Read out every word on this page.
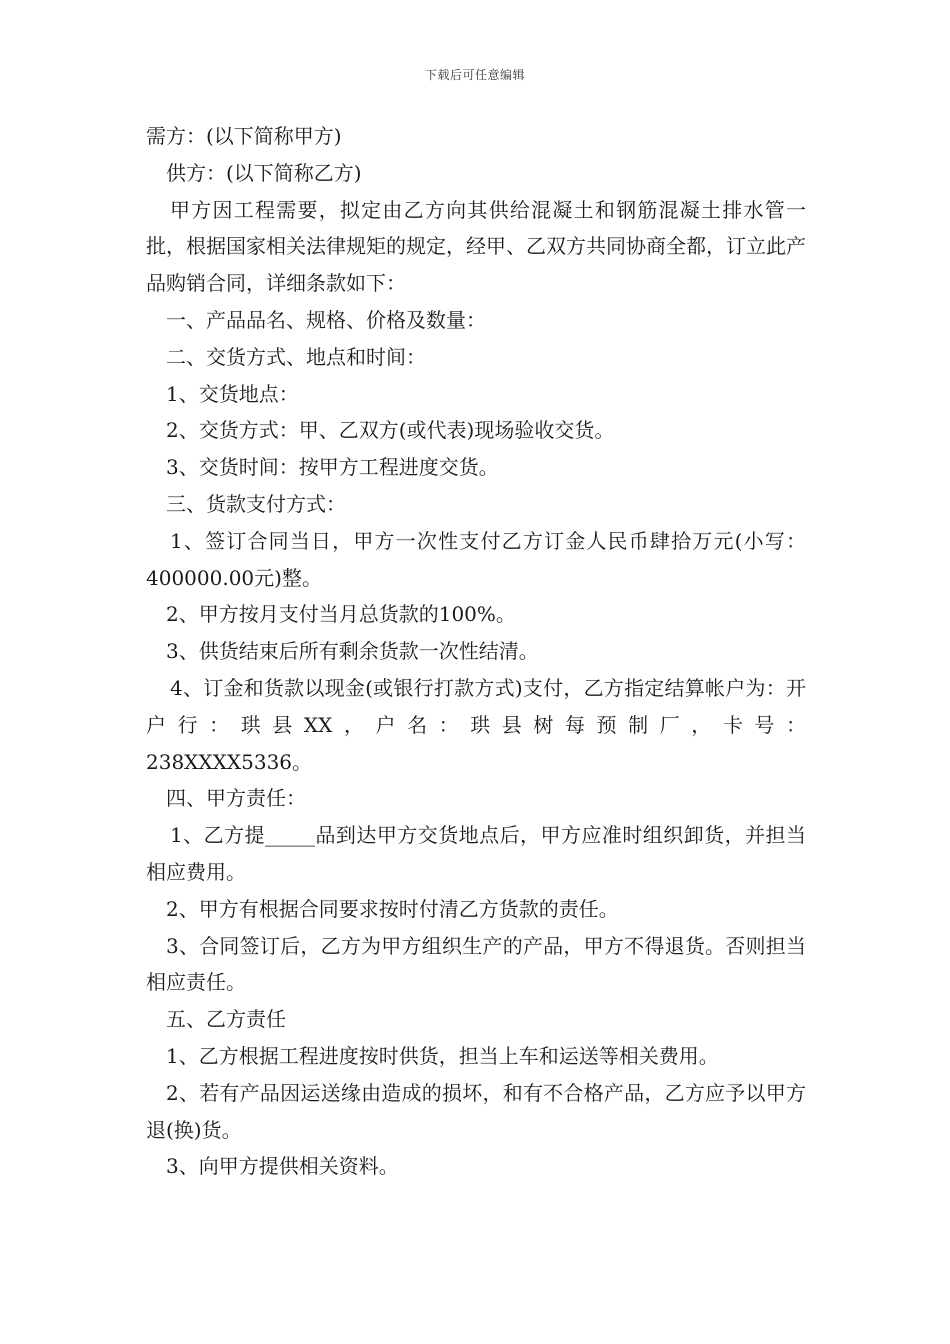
下载后可任意编辑

需方：(以下简称甲方)

供方：(以下简称乙方)

甲方因工程需要，拟定由乙方向其供给混凝土和钢筋混凝土排水管一批，根据国家相关法律规矩的规定，经甲、乙双方共同协商全都，订立此产品购销合同，详细条款如下：

一、产品品名、规格、价格及数量：

二、交货方式、地点和时间：

1、交货地点：

2、交货方式：甲、乙双方(或代表)现场验收交货。

3、交货时间：按甲方工程进度交货。

三、货款支付方式：

1、签订合同当日，甲方一次性支付乙方订金人民币肆拾万元(小写：400000.00元)整。

2、甲方按月支付当月总货款的100%。

3、供货结束后所有剩余货款一次性结清。

4、订金和货款以现金(或银行打款方式)支付，乙方指定结算帐户为：开户行：珙县XX，户名：珙县树每预制厂，卡号：

238XXXX5336。

四、甲方责任：

1、乙方提_____品到达甲方交货地点后，甲方应准时组织卸货，并担当相应费用。

2、甲方有根据合同要求按时付清乙方货款的责任。

3、合同签订后，乙方为甲方组织生产的产品，甲方不得退货。否则担当相应责任。

五、乙方责任

1、乙方根据工程进度按时供货，担当上车和运送等相关费用。

2、若有产品因运送缘由造成的损坏，和有不合格产品，乙方应予以甲方退(换)货。

3、向甲方提供相关资料。
